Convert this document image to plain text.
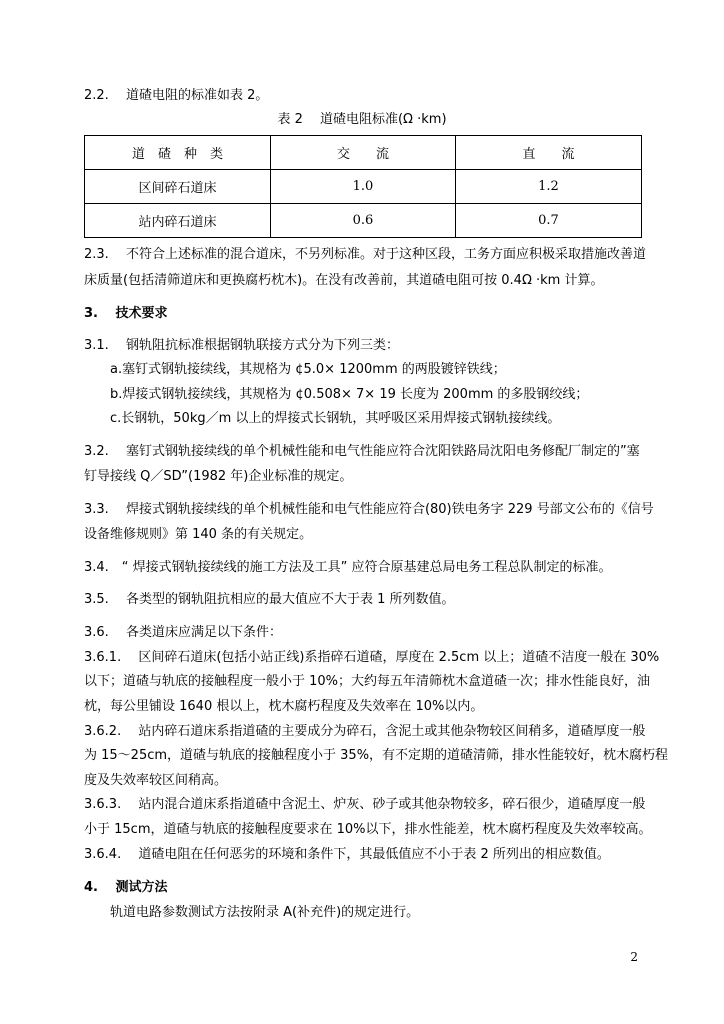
2.2.　 道碴电阻的标准如表 2。
表 2　 道碴电阻标准(Ω ·km)
道　碴　种　类	交　　流	直　　流
区间碎石道床	1.0	1.2
站内碎石道床	0.6	0.7
2.3.　 不符合上述标准的混合道床，不另列标准。对于这种区段，工务方面应积极采取措施改善道
床质量(包括清筛道床和更换腐朽枕木)。在没有改善前，其道碴电阻可按 0.4Ω ·km 计算。
3.　 技术要求
3.1.　 钢轨阻抗标准根据钢轨联接方式分为下列三类：
a.塞钉式钢轨接续线，其规格为 ¢5.0× 1200mm 的两股镀锌铁线；
b.焊接式钢轨接续线，其规格为 ¢0.508× 7× 19 长度为 200mm 的多股钢绞线；
c.长钢轨，50kg／m 以上的焊接式长钢轨，其呼吸区采用焊接式钢轨接续线。
3.2.　 塞钉式钢轨接续线的单个机械性能和电气性能应符合沈阳铁路局沈阳电务修配厂制定的”塞
钉导接线 Q／SD”(1982 年)企业标准的规定。
3.3.　 焊接式钢轨接续线的单个机械性能和电气性能应符合(80)铁电务字 229 号部文公布的《信号
设备维修规则》第 140 条的有关规定。
3.4.　“ 焊接式钢轨接续线的施工方法及工具” 应符合原基建总局电务工程总队制定的标准。
3.5.　 各类型的钢轨阻抗相应的最大值应不大于表 1 所列数值。
3.6.　 各类道床应满足以下条件：
3.6.1.　 区间碎石道床(包括小站正线)系指碎石道碴，厚度在 2.5cm 以上；道碴不洁度一般在 30%
以下；道碴与轨底的接触程度一般小于 10%；大约每五年清筛枕木盒道碴一次；排水性能良好，油
枕，每公里铺设 1640 根以上，枕木腐朽程度及失效率在 10%以内。
3.6.2.　 站内碎石道床系指道碴的主要成分为碎石，含泥土或其他杂物较区间稍多，道碴厚度一般
为 15～25cm，道碴与轨底的接触程度小于 35%，有不定期的道碴清筛，排水性能较好，枕木腐朽程
度及失效率较区间稍高。
3.6.3.　 站内混合道床系指道碴中含泥土、炉灰、砂子或其他杂物较多，碎石很少，道碴厚度一般
小于 15cm，道碴与轨底的接触程度要求在 10%以下，排水性能差，枕木腐朽程度及失效率较高。
3.6.4.　 道碴电阻在任何恶劣的环境和条件下，其最低值应不小于表 2 所列出的相应数值。
4.　 测试方法
轨道电路参数测试方法按附录 A(补充件)的规定进行。
2
